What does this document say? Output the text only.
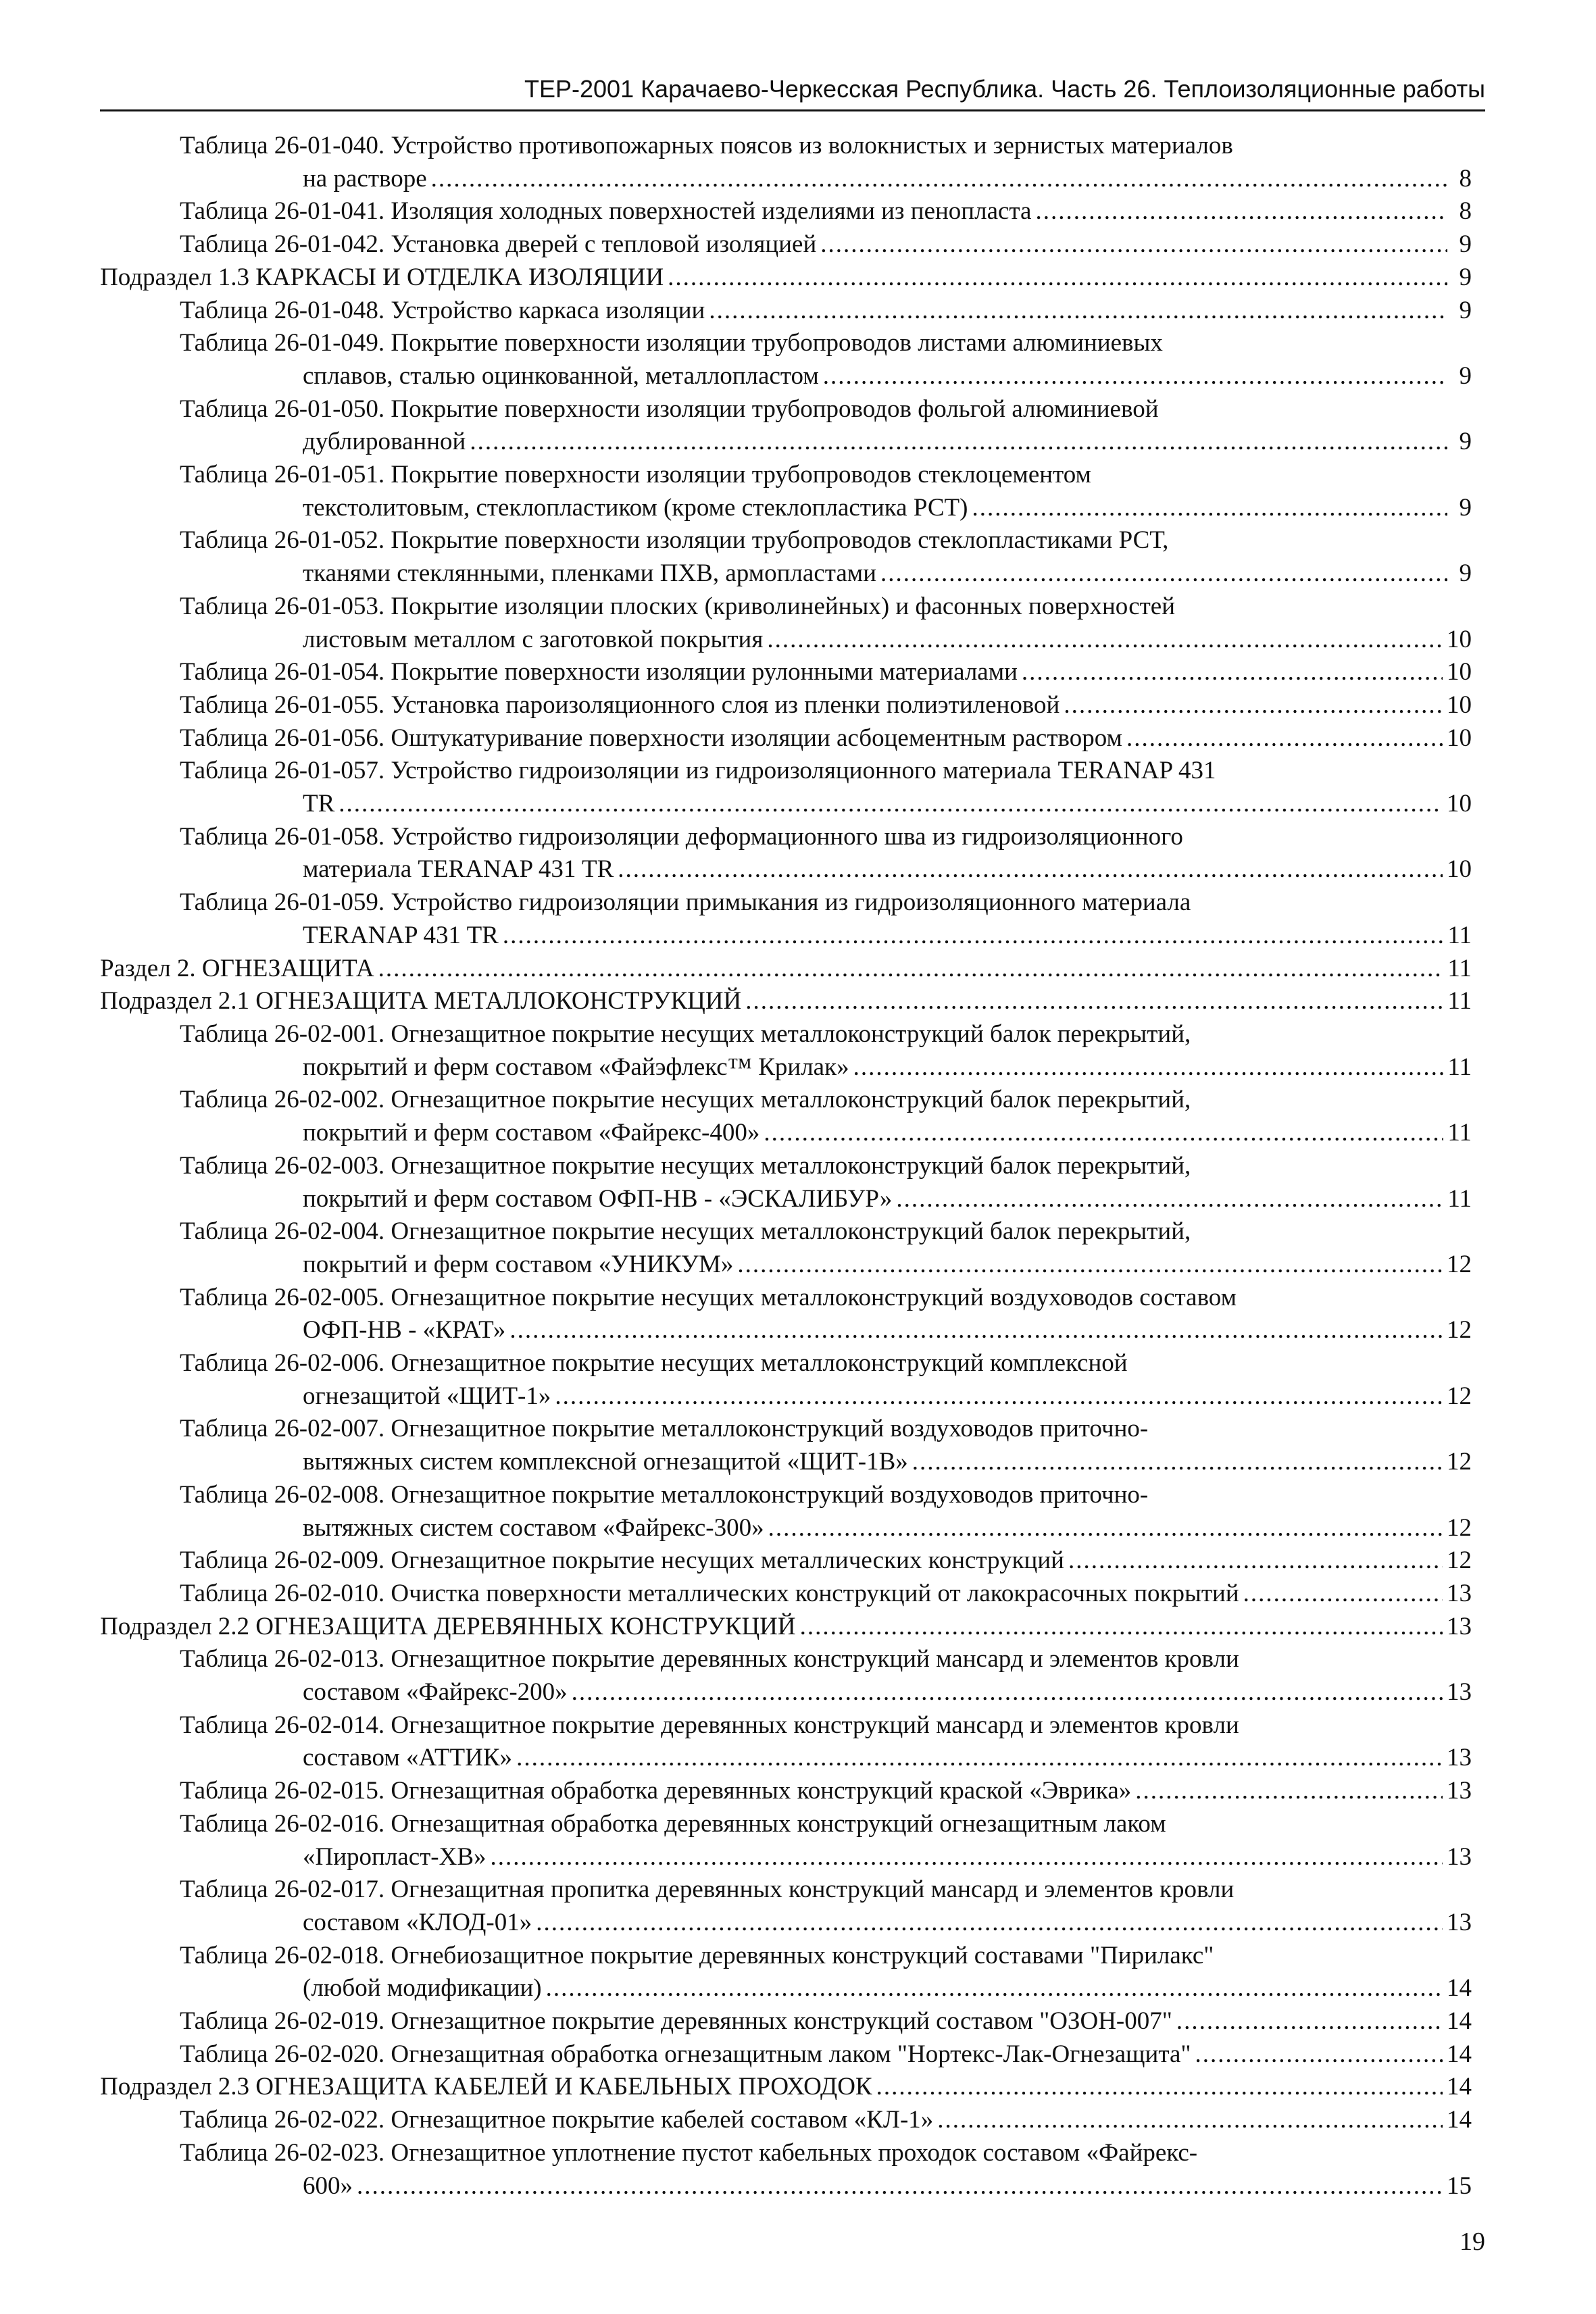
ТЕР-2001 Карачаево-Черкесская Республика. Часть 26. Теплоизоляционные работы
Таблица 26-01-040. Устройство противопожарных поясов из волокнистых и зернистых материалов
на растворе .....	8
Таблица 26-01-041. Изоляция холодных поверхностей изделиями из пенопласта .....	8
Таблица 26-01-042. Установка дверей с тепловой изоляцией .....	9
Подраздел 1.3 КАРКАСЫ И ОТДЕЛКА ИЗОЛЯЦИИ .....	9
Таблица 26-01-048. Устройство каркаса изоляции .....	9
Таблица 26-01-049. Покрытие поверхности изоляции трубопроводов листами алюминиевых
сплавов, сталью оцинкованной, металлопластом .....	9
Таблица 26-01-050. Покрытие поверхности изоляции трубопроводов фольгой алюминиевой
дублированной .....	9
Таблица 26-01-051. Покрытие поверхности изоляции трубопроводов стеклоцементом
текстолитовым, стеклопластиком (кроме стеклопластика РСТ) .....	9
Таблица 26-01-052. Покрытие поверхности изоляции трубопроводов стеклопластиками РСТ,
тканями стеклянными, пленками ПХВ, армопластами .....	9
Таблица 26-01-053. Покрытие изоляции плоских (криволинейных) и фасонных поверхностей
листовым металлом с заготовкой покрытия .....	10
Таблица 26-01-054. Покрытие поверхности изоляции рулонными материалами .....	10
Таблица 26-01-055. Установка пароизоляционного слоя из пленки полиэтиленовой .....	10
Таблица 26-01-056. Оштукатуривание поверхности изоляции асбоцементным раствором .....	10
Таблица 26-01-057. Устройство гидроизоляции из гидроизоляционного материала TERANAP 431
TR .....	10
Таблица 26-01-058. Устройство гидроизоляции деформационного шва из гидроизоляционного
материала TERANAP 431 TR .....	10
Таблица 26-01-059. Устройство гидроизоляции примыкания из гидроизоляционного материала
TERANAP 431 TR .....	11
Раздел 2. ОГНЕЗАЩИТА .....	11
Подраздел 2.1 ОГНЕЗАЩИТА МЕТАЛЛОКОНСТРУКЦИЙ .....	11
Таблица 26-02-001. Огнезащитное покрытие несущих металлоконструкций балок перекрытий,
покрытий и ферм составом «Файэфлекс™ Крилак» .....	11
Таблица 26-02-002. Огнезащитное покрытие несущих металлоконструкций балок перекрытий,
покрытий и ферм составом «Файрекс-400» .....	11
Таблица 26-02-003. Огнезащитное покрытие несущих металлоконструкций балок перекрытий,
покрытий и ферм составом ОФП-НВ - «ЭСКАЛИБУР» .....	11
Таблица 26-02-004. Огнезащитное покрытие несущих металлоконструкций балок перекрытий,
покрытий и ферм составом «УНИКУМ» .....	12
Таблица 26-02-005. Огнезащитное покрытие несущих металлоконструкций воздуховодов составом
ОФП-НВ - «КРАТ» .....	12
Таблица 26-02-006. Огнезащитное покрытие несущих металлоконструкций комплексной
огнезащитой «ЩИТ-1» .....	12
Таблица 26-02-007. Огнезащитное покрытие металлоконструкций воздуховодов приточно-
вытяжных систем комплексной огнезащитой «ЩИТ-1В» .....	12
Таблица 26-02-008. Огнезащитное покрытие металлоконструкций воздуховодов приточно-
вытяжных систем составом «Файрекс-300» .....	12
Таблица 26-02-009. Огнезащитное покрытие несущих металлических конструкций .....	12
Таблица 26-02-010. Очистка поверхности металлических конструкций от лакокрасочных покрытий .....	13
Подраздел 2.2 ОГНЕЗАЩИТА ДЕРЕВЯННЫХ КОНСТРУКЦИЙ .....	13
Таблица 26-02-013. Огнезащитное покрытие деревянных конструкций мансард и элементов кровли
составом «Файрекс-200» .....	13
Таблица 26-02-014. Огнезащитное покрытие деревянных конструкций мансард и элементов кровли
составом «АТТИК» .....	13
Таблица 26-02-015. Огнезащитная обработка деревянных конструкций краской «Эврика» .....	13
Таблица 26-02-016. Огнезащитная обработка деревянных конструкций огнезащитным лаком
«Пиропласт-ХВ» .....	13
Таблица 26-02-017. Огнезащитная пропитка деревянных конструкций мансард и элементов кровли
составом «КЛОД-01» .....	13
Таблица 26-02-018. Огнебиозащитное покрытие деревянных конструкций составами "Пирилакс"
(любой модификации) .....	14
Таблица 26-02-019. Огнезащитное покрытие деревянных конструкций составом "ОЗОН-007" .....	14
Таблица 26-02-020. Огнезащитная обработка огнезащитным лаком "Нортекс-Лак-Огнезащита" .....	14
Подраздел 2.3 ОГНЕЗАЩИТА КАБЕЛЕЙ И КАБЕЛЬНЫХ ПРОХОДОК .....	14
Таблица 26-02-022. Огнезащитное покрытие кабелей составом «КЛ-1» .....	14
Таблица 26-02-023. Огнезащитное уплотнение пустот кабельных проходок составом «Файрекс-
600» .....	15
19
